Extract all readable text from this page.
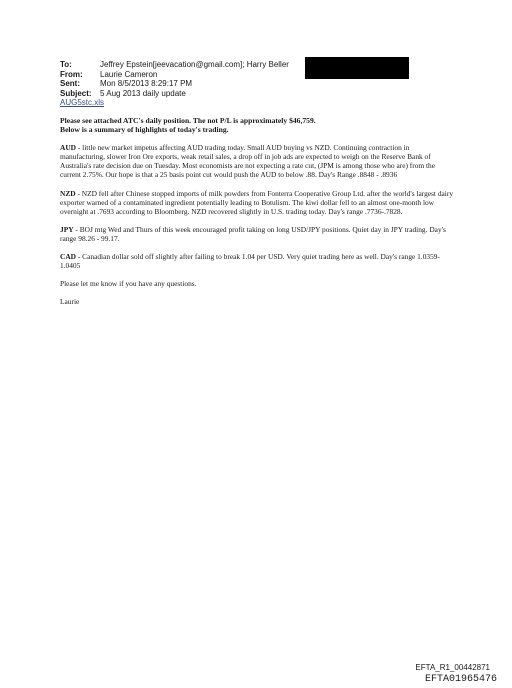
To:	Jeffrey Epstein[jeevacation@gmail.com]; Harry Beller
From:	Laurie Cameron
Sent:	Mon 8/5/2013 8:29:17 PM
Subject:	5 Aug 2013 daily update
AUG5stc.xls

Please see attached ATC's daily position. The not P/L is approximately $46,759.
Below is a summary of highlights of today's trading.

AUD - little new market impetus affecting AUD trading today. Small AUD buying vs NZD. Continuing contraction in manufacturing, slower Iron Ore exports, weak retail sales, a drop off in job ads are expected to weigh on the Reserve Bank of Australia's rate decision due on Tuesday. Most economists are not expecting a rate cut, (JPM is among those who are) from the current 2.75%. Our hope is that a 25 basis point cut would push the AUD to below .88. Day's Range .8848 - .8936

NZD - NZD fell after Chinese stopped imports of milk powders from Fonterra Cooperative Group Ltd. after the world's largest dairy exporter warned of a contaminated ingredient potentially leading to Botulism. The kiwi dollar fell to an almost one-month low overnight at .7693 according to Bloomberg. NZD recovered slightly in U.S. trading today. Day's range .7736-.7828.

JPY - BOJ mtg Wed and Thurs of this week encouraged profit taking on long USD/JPY positions. Quiet day in JPY trading. Day's range 98.26 - 99.17.

CAD - Canadian dollar sold off slightly after failing to break 1.04 per USD. Very quiet trading here as well. Day's range 1.0359-1.0405

Please let me know if you have any questions.

Laurie

EFTA_R1_00442871
EFTA01965476
